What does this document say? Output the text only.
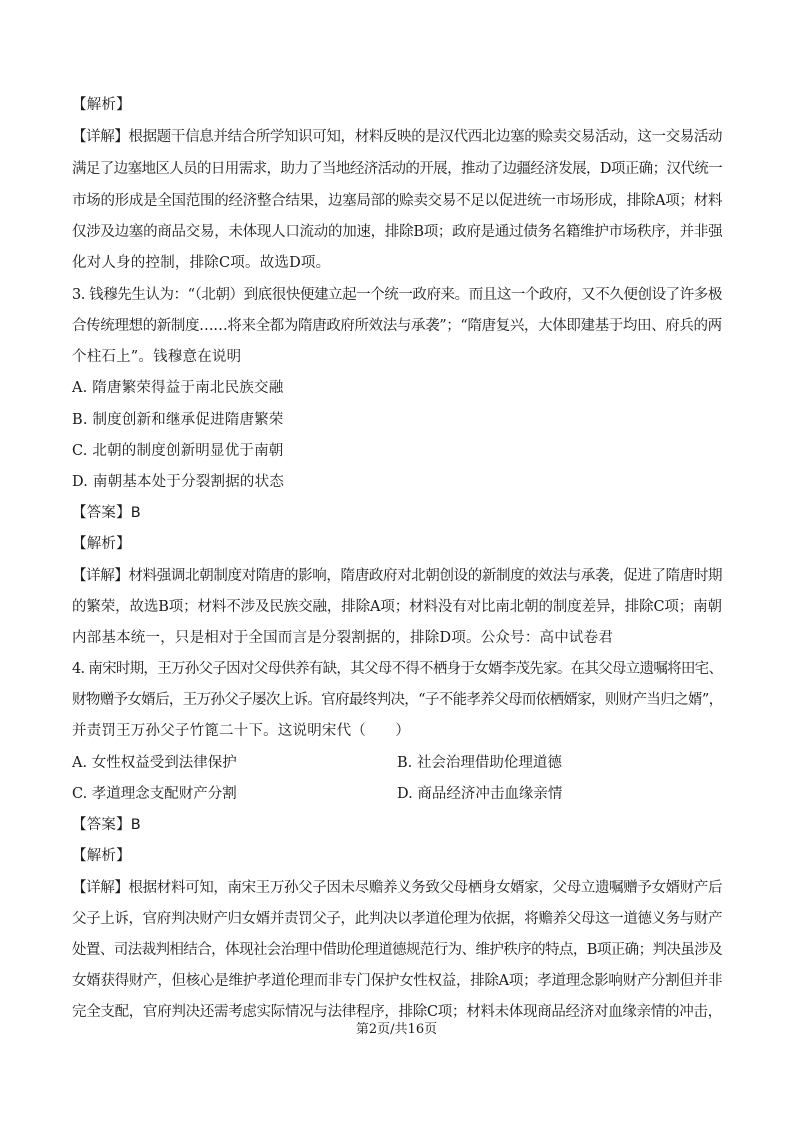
【解析】
【详解】根据题干信息并结合所学知识可知，材料反映的是汉代西北边塞的赊卖交易活动，这一交易活动
满足了边塞地区人员的日用需求，助力了当地经济活动的开展，推动了边疆经济发展，D项正确；汉代统一
市场的形成是全国范围的经济整合结果，边塞局部的赊卖交易不足以促进统一市场形成，排除A项；材料
仅涉及边塞的商品交易，未体现人口流动的加速，排除B项；政府是通过债务名籍维护市场秩序，并非强
化对人身的控制，排除C项。故选D项。
3. 钱穆先生认为：“（北朝）到底很快便建立起一个统一政府来。而且这一个政府，又不久便创设了许多极
合传统理想的新制度……将来全都为隋唐政府所效法与承袭”；“隋唐复兴，大体即建基于均田、府兵的两
个柱石上”。钱穆意在说明
A. 隋唐繁荣得益于南北民族交融
B. 制度创新和继承促进隋唐繁荣
C. 北朝的制度创新明显优于南朝
D. 南朝基本处于分裂割据的状态
【答案】B
【解析】
【详解】材料强调北朝制度对隋唐的影响，隋唐政府对北朝创设的新制度的效法与承袭，促进了隋唐时期
的繁荣，故选B项；材料不涉及民族交融，排除A项；材料没有对比南北朝的制度差异，排除C项；南朝
内部基本统一，只是相对于全国而言是分裂割据的，排除D项。公众号：高中试卷君
4. 南宋时期，王万孙父子因对父母供养有缺，其父母不得不栖身于女婿李茂先家。在其父母立遗嘱将田宅、
财物赠予女婿后，王万孙父子屡次上诉。官府最终判决，“子不能孝养父母而依栖婿家，则财产当归之婿”，
并责罚王万孙父子竹篦二十下。这说明宋代（　　）
A. 女性权益受到法律保护	B. 社会治理借助伦理道德
C. 孝道理念支配财产分割	D. 商品经济冲击血缘亲情
【答案】B
【解析】
【详解】根据材料可知，南宋王万孙父子因未尽赡养义务致父母栖身女婿家，父母立遗嘱赠予女婿财产后
父子上诉，官府判决财产归女婿并责罚父子，此判决以孝道伦理为依据，将赡养父母这一道德义务与财产
处置、司法裁判相结合，体现社会治理中借助伦理道德规范行为、维护秩序的特点，B项正确；判决虽涉及
女婿获得财产，但核心是维护孝道伦理而非专门保护女性权益，排除A项；孝道理念影响财产分割但并非
完全支配，官府判决还需考虑实际情况与法律程序，排除C项；材料未体现商品经济对血缘亲情的冲击，
第2页/共16页
